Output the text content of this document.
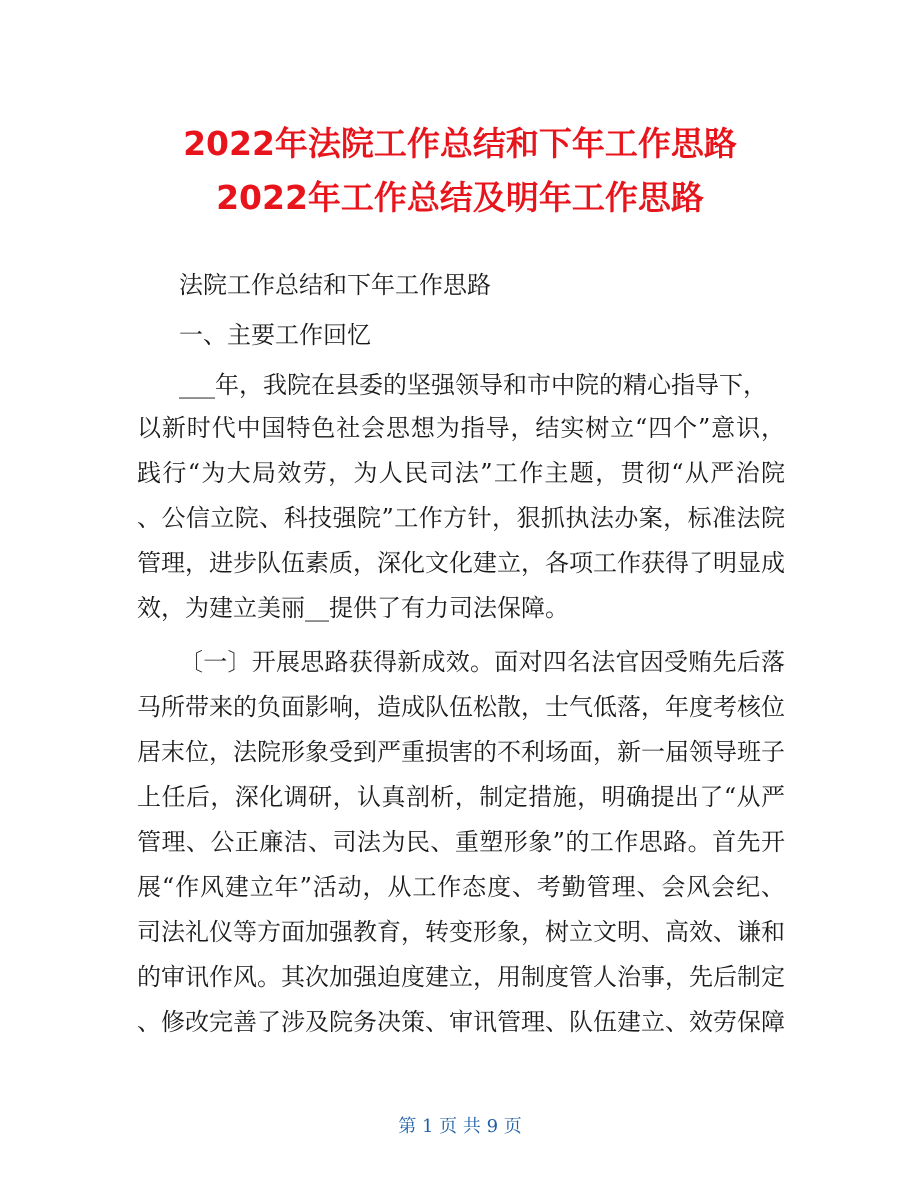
2022年法院工作总结和下年工作思路
2022年工作总结及明年工作思路
法院工作总结和下年工作思路
一、主要工作回忆
___年，我院在县委的坚强领导和市中院的精心指导下，
以新时代中国特色社会思想为指导，结实树立“四个”意识，
践行“为大局效劳，为人民司法”工作主题，贯彻“从严治院
、公信立院、科技强院”工作方针，狠抓执法办案，标准法院
管理，进步队伍素质，深化文化建立，各项工作获得了明显成
效，为建立美丽__提供了有力司法保障。
〔一〕开展思路获得新成效。面对四名法官因受贿先后落
马所带来的负面影响，造成队伍松散，士气低落，年度考核位
居末位，法院形象受到严重损害的不利场面，新一届领导班子
上任后，深化调研，认真剖析，制定措施，明确提出了“从严
管理、公正廉洁、司法为民、重塑形象”的工作思路。首先开
展“作风建立年”活动，从工作态度、考勤管理、会风会纪、
司法礼仪等方面加强教育，转变形象，树立文明、高效、谦和
的审讯作风。其次加强迫度建立，用制度管人治事，先后制定
、修改完善了涉及院务决策、审讯管理、队伍建立、效劳保障
第 1 页 共 9 页
